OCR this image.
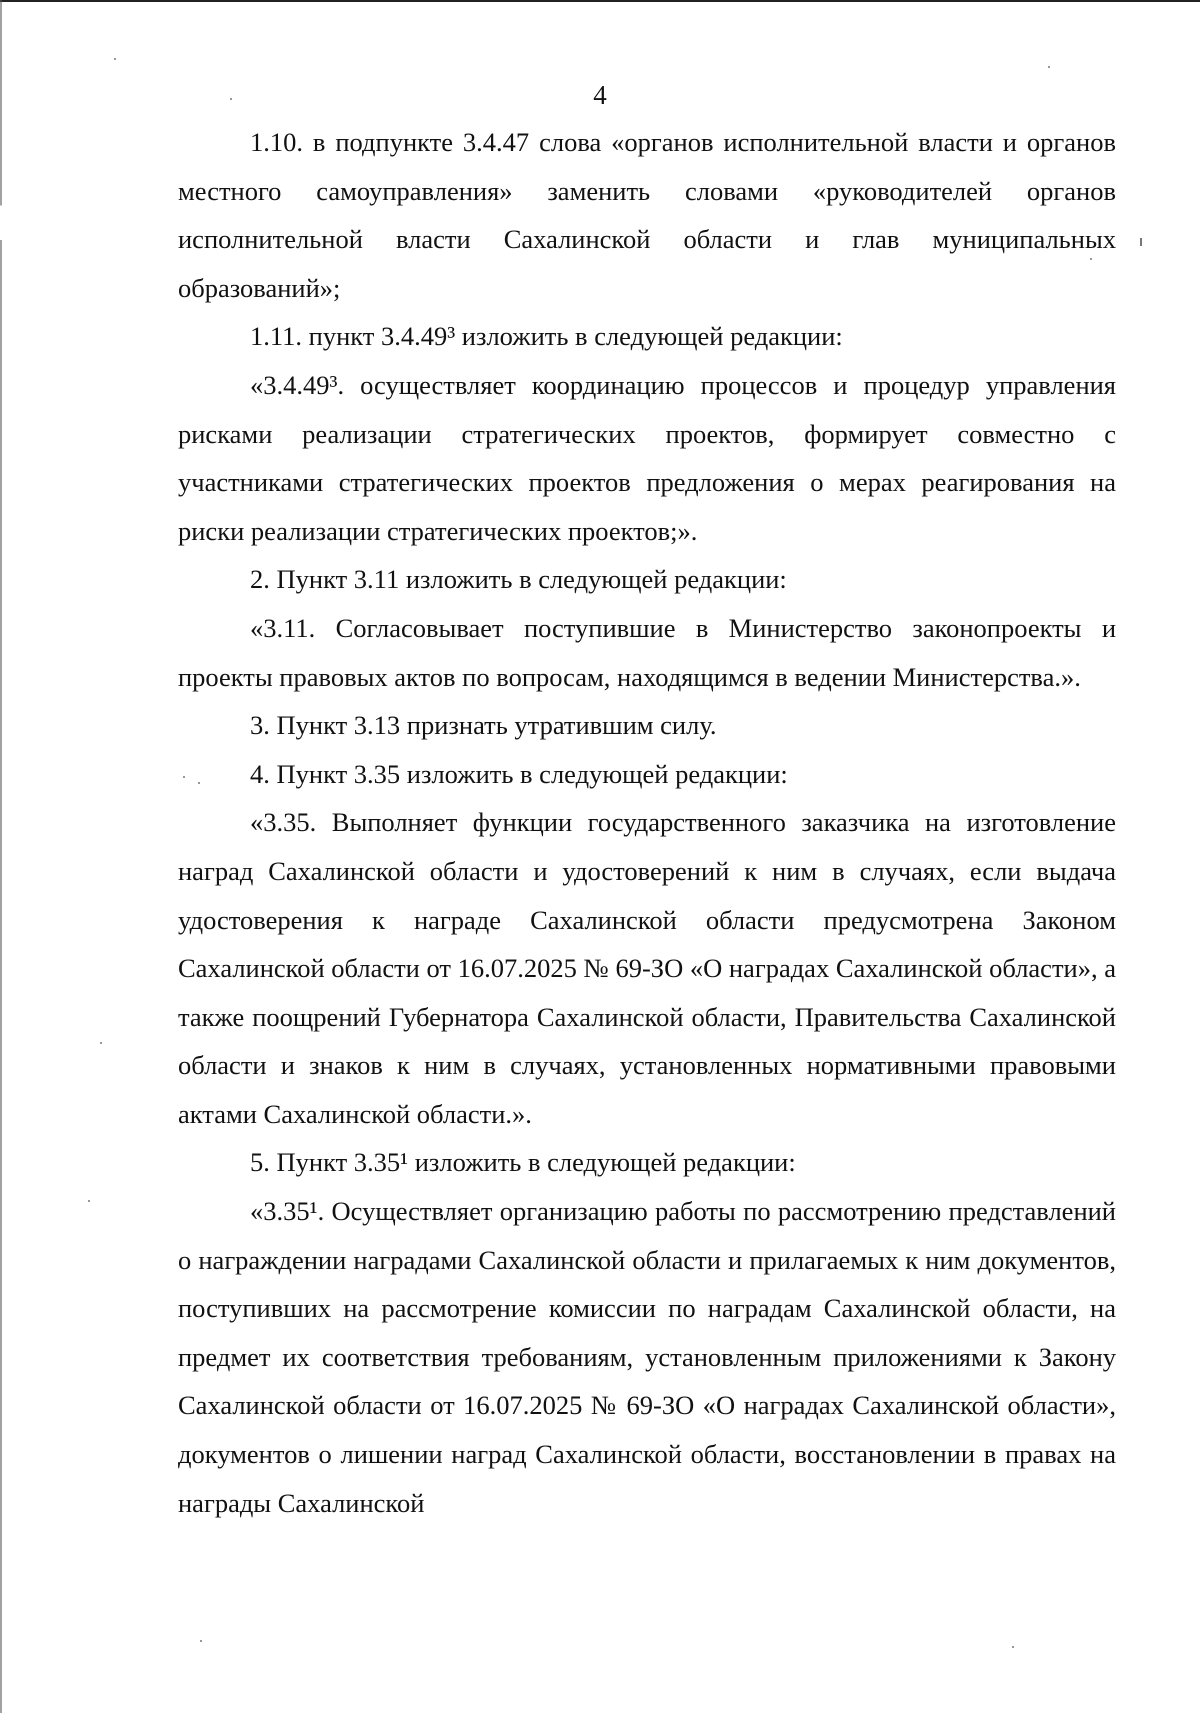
4

1.10. в подпункте 3.4.47 слова «органов исполнительной власти и органов местного самоуправления» заменить словами «руководителей органов исполнительной власти Сахалинской области и глав муниципальных образований»;

1.11. пункт 3.4.49³ изложить в следующей редакции:

«3.4.49³. осуществляет координацию процессов и процедур управления рисками реализации стратегических проектов, формирует совместно с участниками стратегических проектов предложения о мерах реагирования на риски реализации стратегических проектов;».

2. Пункт 3.11 изложить в следующей редакции:

«3.11. Согласовывает поступившие в Министерство законопроекты и проекты правовых актов по вопросам, находящимся в ведении Министерства.».

3. Пункт 3.13 признать утратившим силу.

4. Пункт 3.35 изложить в следующей редакции:

«3.35. Выполняет функции государственного заказчика на изготовление наград Сахалинской области и удостоверений к ним в случаях, если выдача удостоверения к награде Сахалинской области предусмотрена Законом Сахалинской области от 16.07.2025 № 69-ЗО «О наградах Сахалинской области», а также поощрений Губернатора Сахалинской области, Правительства Сахалинской области и знаков к ним в случаях, установленных нормативными правовыми актами Сахалинской области.».

5. Пункт 3.35¹ изложить в следующей редакции:

«3.35¹. Осуществляет организацию работы по рассмотрению представлений о награждении наградами Сахалинской области и прилагаемых к ним документов, поступивших на рассмотрение комиссии по наградам Сахалинской области, на предмет их соответствия требованиям, установленным приложениями к Закону Сахалинской области от 16.07.2025 № 69-ЗО «О наградах Сахалинской области», документов о лишении наград Сахалинской области, восстановлении в правах на награды Сахалинской
